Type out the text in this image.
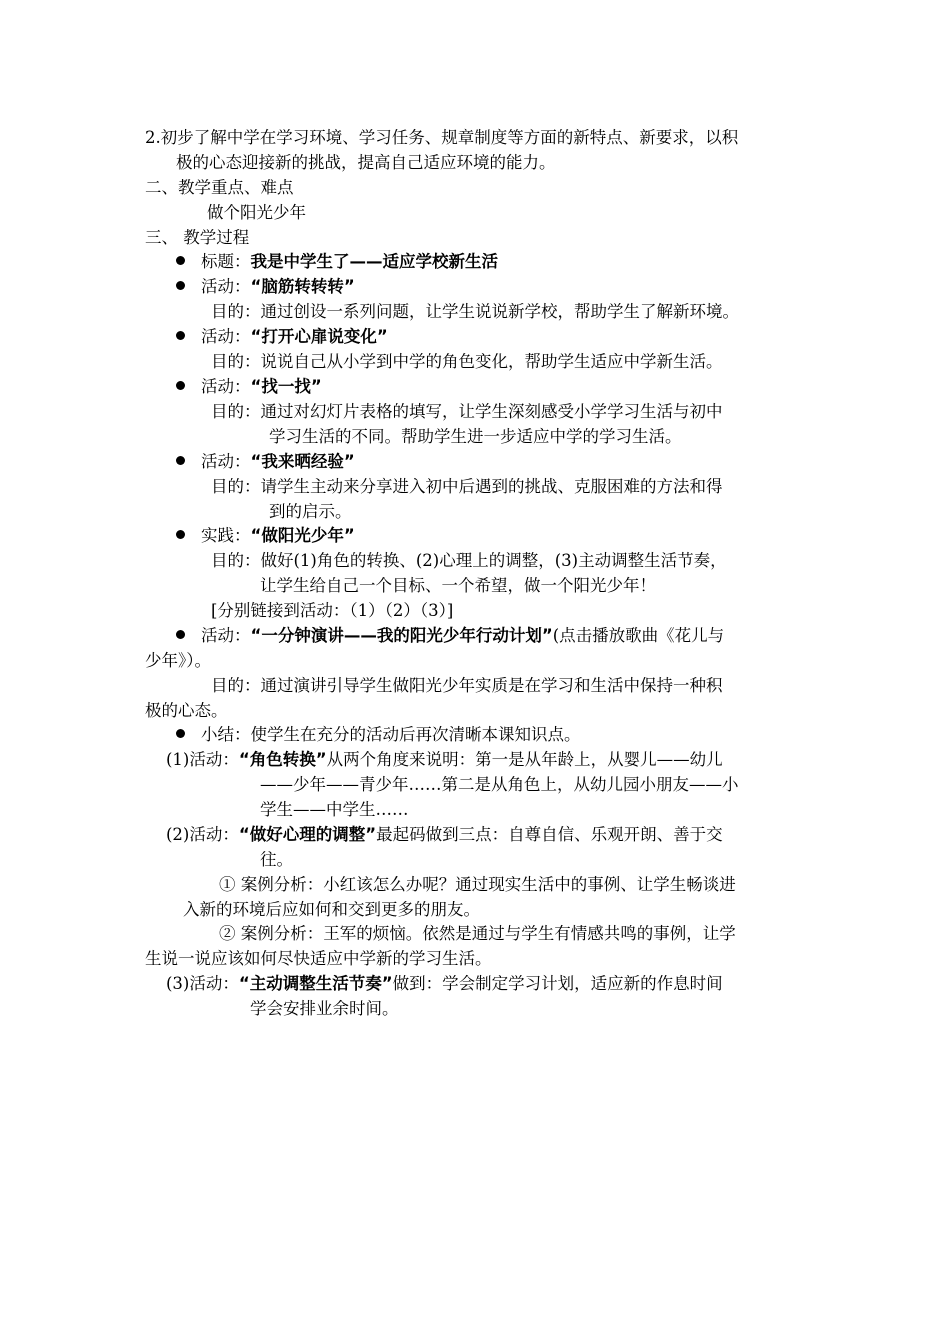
2.初步了解中学在学习环境、学习任务、规章制度等方面的新特点、新要求，以积
极的心态迎接新的挑战，提高自己适应环境的能力。
二、教学重点、难点
做个阳光少年
三、 教学过程
标题：我是中学生了——适应学校新生活
活动：“脑筋转转转”
目的：通过创设一系列问题，让学生说说新学校，帮助学生了解新环境。
活动：“打开心扉说变化”
目的：说说自己从小学到中学的角色变化，帮助学生适应中学新生活。
活动：“找一找”
目的：通过对幻灯片表格的填写，让学生深刻感受小学学习生活与初中
学习生活的不同。帮助学生进一步适应中学的学习生活。
活动：“我来晒经验”
目的：请学生主动来分享进入初中后遇到的挑战、克服困难的方法和得
到的启示。
实践：“做阳光少年”
目的：做好(1)角色的转换、(2)心理上的调整，(3)主动调整生活节奏，
让学生给自己一个目标、一个希望，做一个阳光少年！
[分别链接到活动：（1）（2）（3）]
活动：“一分钟演讲——我的阳光少年行动计划”(点击播放歌曲《花儿与
少年》）。
目的：通过演讲引导学生做阳光少年实质是在学习和生活中保持一种积
极的心态。
小结：使学生在充分的活动后再次清晰本课知识点。
(1)活动：“角色转换”从两个角度来说明：第一是从年龄上，从婴儿——幼儿
——少年——青少年……第二是从角色上，从幼儿园小朋友——小
学生——中学生……
(2)活动：“做好心理的调整”最起码做到三点：自尊自信、乐观开朗、善于交
往。
① 案例分析：小红该怎么办呢？通过现实生活中的事例、让学生畅谈进
入新的环境后应如何和交到更多的朋友。
② 案例分析：王军的烦恼。依然是通过与学生有情感共鸣的事例，让学
生说一说应该如何尽快适应中学新的学习生活。
(3)活动：“主动调整生活节奏”做到：学会制定学习计划，适应新的作息时间
学会安排业余时间。
